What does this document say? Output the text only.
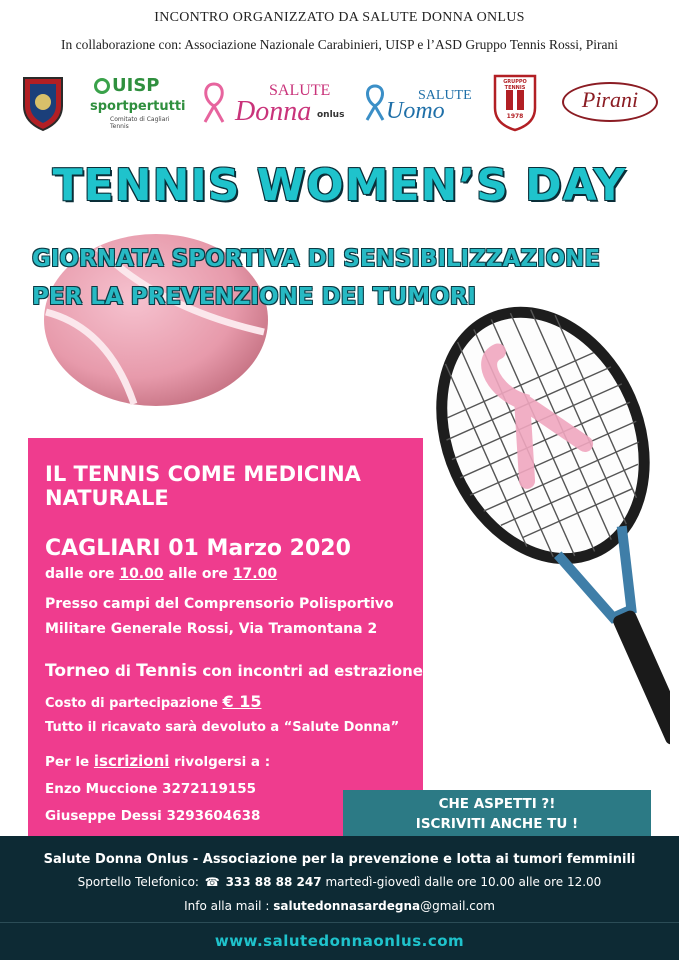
INCONTRO ORGANIZZATO DA SALUTE DONNA ONLUS
In collaborazione con: Associazione Nazionale Carabinieri, UISP e l’ASD Gruppo Tennis Rossi, Pirani
UISP
sportpertutti
Comitato di Cagliari Tennis
SALUTE
Donna onlus
SALUTE
Uomo
GRUPPO TENNIS
1978
Pirani
TENNIS WOMEN’S DAY
GIORNATA SPORTIVA DI SENSIBILIZZAZIONE
PER LA PREVENZIONE DEI TUMORI
IL TENNIS COME MEDICINA
NATURALE
CAGLIARI 01 Marzo 2020
dalle ore 10.00 alle ore 17.00
Presso campi del Comprensorio Polisportivo
Militare Generale Rossi, Via Tramontana 2
Torneo di Tennis con incontri ad estrazione
Costo di partecipazione € 15
Tutto il ricavato sarà devoluto a “Salute Donna”
Per le iscrizioni rivolgersi a :
Enzo Muccione 3272119155
Giuseppe Dessi 3293604638
CHE ASPETTI ?!
ISCRIVITI ANCHE TU !
Salute Donna Onlus - Associazione per la prevenzione e lotta ai tumori femminili
Sportello Telefonico: ☎ 333 88 88 247 martedì-giovedì dalle ore 10.00 alle ore 12.00
Info alla mail : salutedonnasardegna@gmail.com
www.salutedonnaonlus.com
